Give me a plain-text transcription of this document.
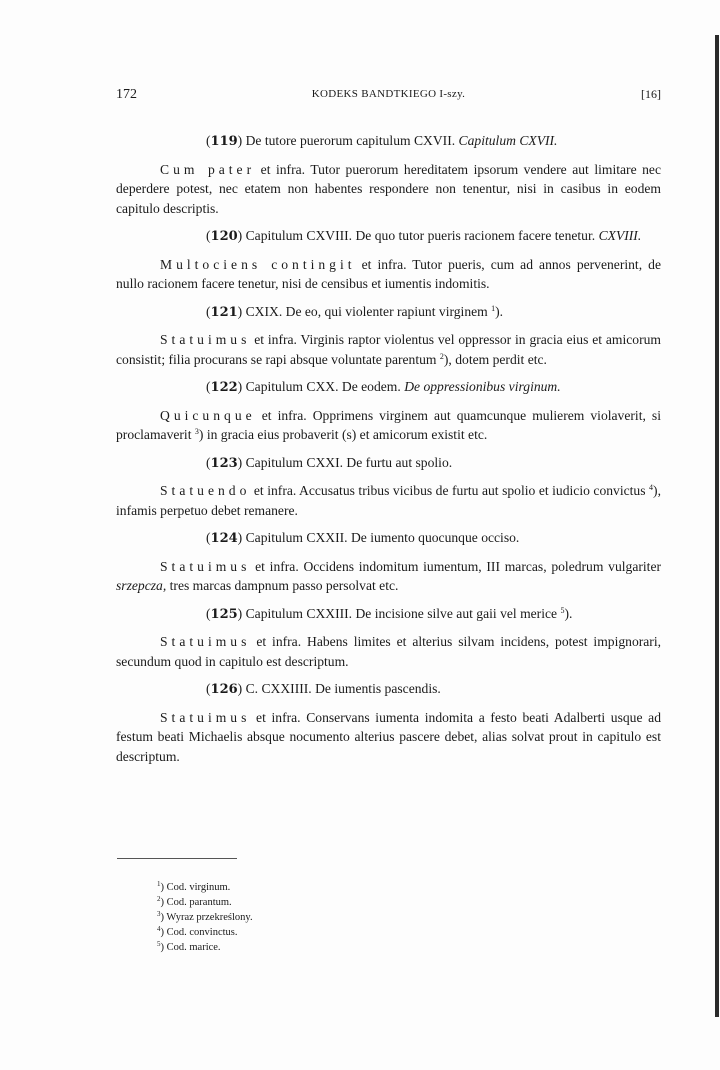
172	KODEKS BANDTKIEGO I-szy.	[16]
(119) De tutore puerorum capitulum CXVII. Capitulum CXVII.

Cum pater et infra. Tutor puerorum hereditatem ipsorum vendere aut limitare nec deperdere potest, nec etatem non habentes respondere non tenentur, nisi in casibus in eodem capitulo descriptis.

(120) Capitulum CXVIII. De quo tutor pueris racionem facere tenetur. CXVIII.

Multociens contingit et infra. Tutor pueris, cum ad annos pervenerint, de nullo racionem facere tenetur, nisi de censibus et iumentis indomitis.

(121) CXIX. De eo, qui violenter rapiunt virginem $^1$).

Statuimus et infra. Virginis raptor violentus vel oppressor in gracia eius et amicorum consistit; filia procurans se rapi absque voluntate parentum $^2$), dotem perdit etc.

(122) Capitulum CXX. De eodem. De oppressionibus virginum.

Quicunque et infra. Opprimens virginem aut quamcunque mulierem violaverit, si proclamaverit $^3$) in gracia eius probaverit (s) et amicorum existit etc.

(123) Capitulum CXXI. De furtu aut spolio.

Statuendo et infra. Accusatus tribus vicibus de furtu aut spolio et iudicio convictus $^4$), infamis perpetuo debet remanere.

(124) Capitulum CXXII. De iumento quocunque occiso.

Statuimus et infra. Occidens indomitum iumentum, III marcas, poledrum vulgariter srzepcza, tres marcas dampnum passo persolvat etc.

(125) Capitulum CXXIII. De incisione silve aut gaii vel merice $^5$).

Statuimus et infra. Habens limites et alterius silvam incidens, potest impignorari, secundum quod in capitulo est descriptum.

(126) C. CXXIIII. De iumentis pascendis.

Statuimus et infra. Conservans iumenta indomita a festo beati Adalberti usque ad festum beati Michaelis absque nocumento alterius pascere debet, alias solvat prout in capitulo est descriptum.

$^1$) Cod. virginum.
$^2$) Cod. parantum.
$^3$) Wyraz przekreślony.
$^4$) Cod. convinctus.
$^5$) Cod. marice.
